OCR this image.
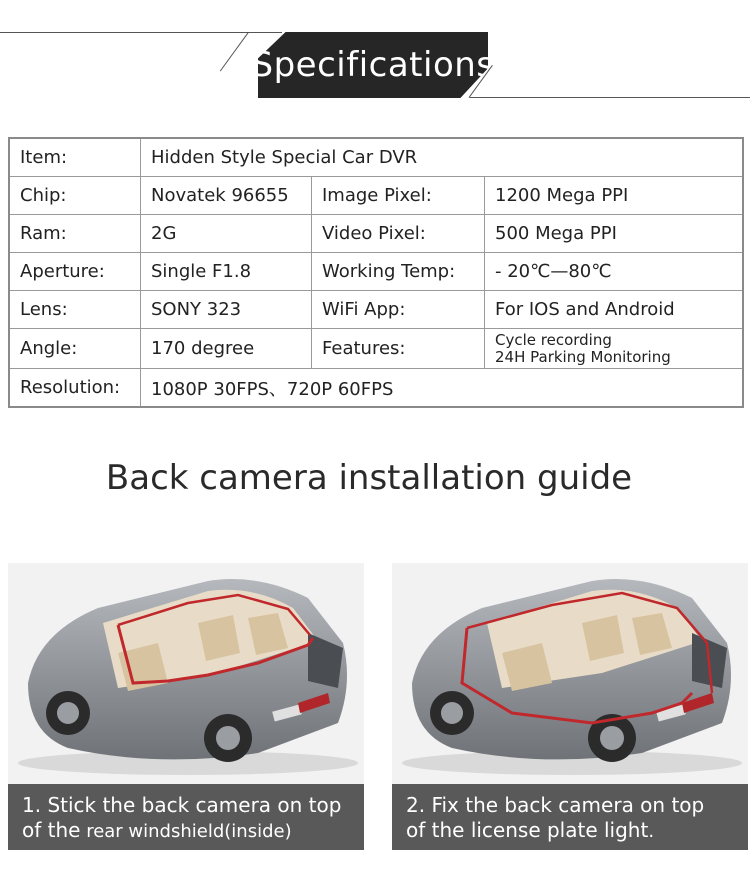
Specifications
Item:	Hidden Style Special Car DVR		
Chip:	Novatek 96655	Image Pixel:	1200 Mega PPI
Ram:	2G	Video Pixel:	500 Mega PPI
Aperture:	Single F1.8	Working Temp:	- 20℃—80℃
Lens:	SONY 323	WiFi App:	For IOS and Android
Angle:	170 degree	Features:	Cycle recording
24H Parking Monitoring

Resolution:	1080P 30FPS、720P 60FPS		
Back camera installation guide
1. Stick the back camera on top
of the rear windshield(inside)
2. Fix the back camera on top
of the license plate light.
